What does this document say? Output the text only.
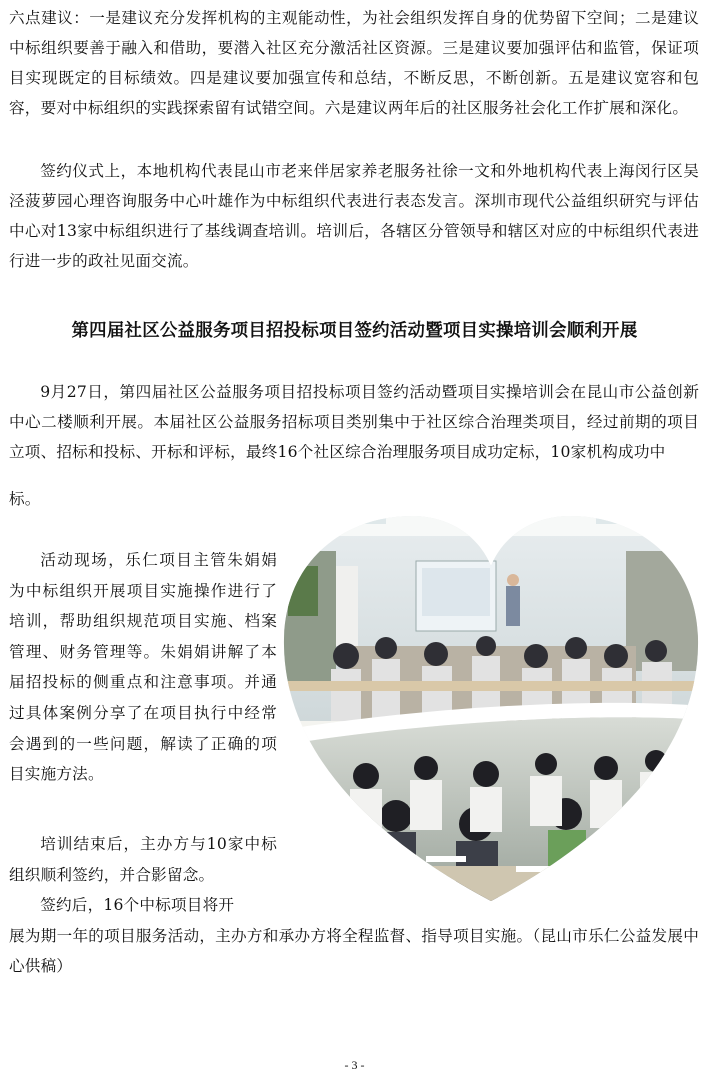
六点建议：一是建议充分发挥机构的主观能动性，为社会组织发挥自身的优势留下空间；二是建议中标组织要善于融入和借助，要潜入社区充分激活社区资源。三是建议要加强评估和监管，保证项目实现既定的目标绩效。四是建议要加强宣传和总结，不断反思，不断创新。五是建议宽容和包容，要对中标组织的实践探索留有试错空间。六是建议两年后的社区服务社会化工作扩展和深化。

签约仪式上，本地机构代表昆山市老来伴居家养老服务社徐一文和外地机构代表上海闵行区吴泾菠萝园心理咨询服务中心叶雄作为中标组织代表进行表态发言。深圳市现代公益组织研究与评估中心对13家中标组织进行了基线调查培训。培训后，各辖区分管领导和辖区对应的中标组织代表进行进一步的政社见面交流。

第四届社区公益服务项目招投标项目签约活动暨项目实操培训会顺利开展

9月27日，第四届社区公益服务项目招投标项目签约活动暨项目实操培训会在昆山市公益创新中心二楼顺利开展。本届社区公益服务招标项目类别集中于社区综合治理类项目，经过前期的项目立项、招标和投标、开标和评标，最终16个社区综合治理服务项目成功定标，10家机构成功中

标。

活动现场，乐仁项目主管朱娟娟为中标组织开展项目实施操作进行了培训，帮助组织规范项目实施、档案管理、财务管理等。朱娟娟讲解了本届招投标的侧重点和注意事项。并通过具体案例分享了在项目执行中经常会遇到的一些问题，解读了正确的项目实施方法。

培训结束后，主办方与10家中标组织顺利签约，并合影留念。

签约后，16个中标项目将开

展为期一年的项目服务活动，主办方和承办方将全程监督、指导项目实施。（昆山市乐仁公益发展中心供稿）

- 3 -
